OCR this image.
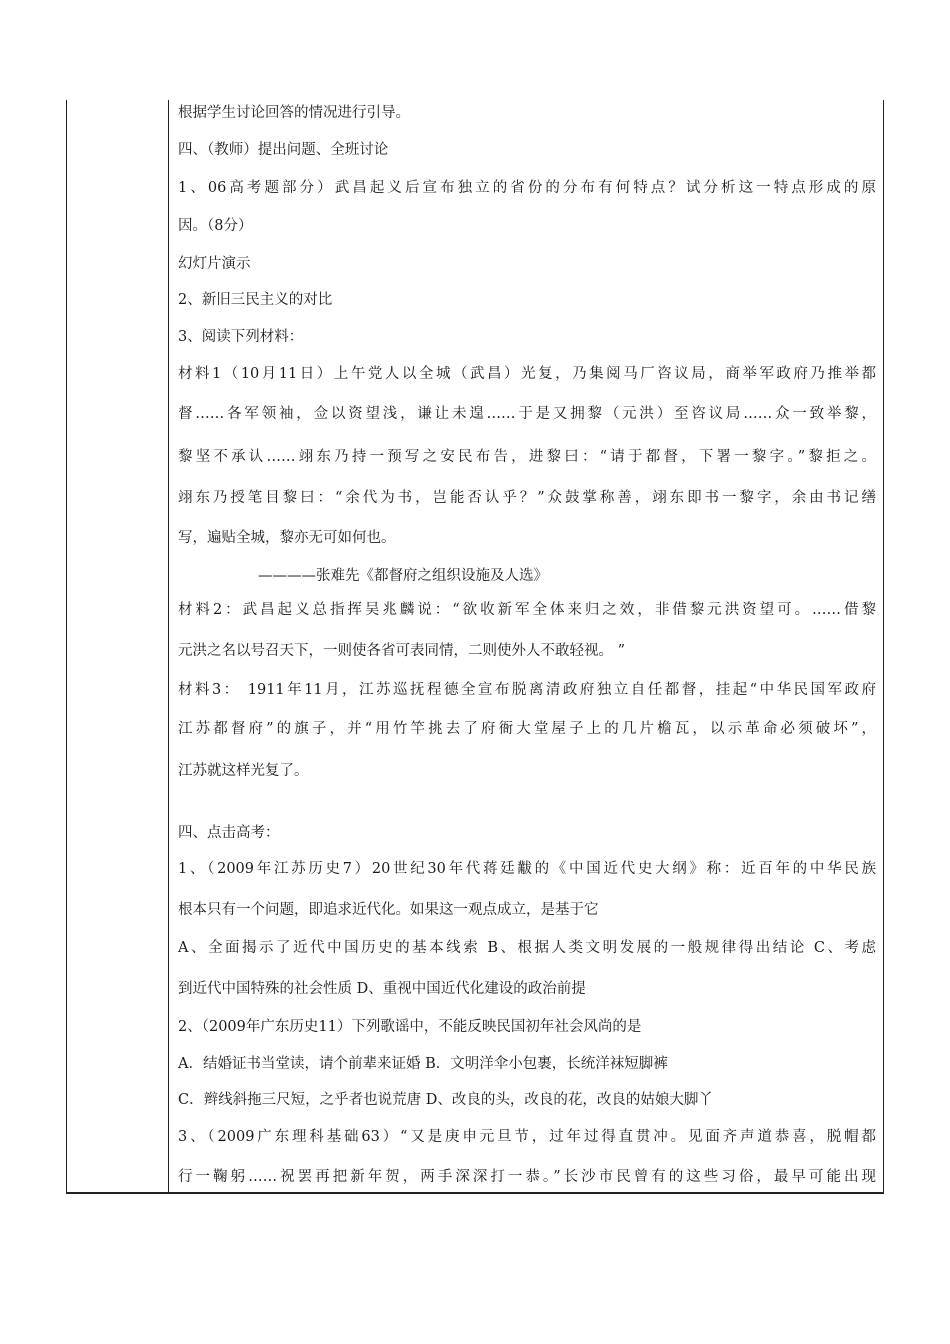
根据学生讨论回答的情况进行引导。
四、（教师）提出问题、全班讨论
1、06高考题部分）武昌起义后宣布独立的省份的分布有何特点？试分析这一特点形成的原
因。（8分）
幻灯片演示
2、新旧三民主义的对比
3、阅读下列材料：
材料1（10月11日）上午党人以全城（武昌）光复，乃集阅马厂咨议局，商举军政府乃推举都
督……各军领袖，佥以资望浅，谦让未遑……于是又拥黎（元洪）至咨议局……众一致举黎，
黎坚不承认……翊东乃持一预写之安民布告，进黎曰：“请于都督，下署一黎字。”黎拒之。
翊东乃授笔目黎曰：“余代为书，岂能否认乎？”众鼓掌称善，翊东即书一黎字，余由书记缮
写，遍贴全城，黎亦无可如何也。
————张难先《都督府之组织设施及人选》
材料2：武昌起义总指挥吴兆麟说：“欲收新军全体来归之效，非借黎元洪资望可。……借黎
元洪之名以号召天下，一则使各省可表同情，二则使外人不敢轻视。 ”
材料3： 1911年11月，江苏巡抚程德全宣布脱离清政府独立自任都督，挂起“中华民国军政府
江苏都督府”的旗子，并“用竹竿挑去了府衙大堂屋子上的几片檐瓦，以示革命必须破坏”，
江苏就这样光复了。
四、点击高考：
1、（2009年江苏历史7）20世纪30年代蒋廷黻的《中国近代史大纲》称：近百年的中华民族
根本只有一个问题，即追求近代化。如果这一观点成立，是基于它
A、全面揭示了近代中国历史的基本线索 B、根据人类文明发展的一般规律得出结论 C、考虑
到近代中国特殊的社会性质 D、重视中国近代化建设的政治前提
2、（2009年广东历史11）下列歌谣中，不能反映民国初年社会风尚的是
A．结婚证书当堂读，请个前辈来证婚 B．文明洋伞小包裹，长统洋袜短脚裤
C．辫线斜拖三尺短，之乎者也说荒唐 D、改良的头，改良的花，改良的姑娘大脚丫
3、（2009广东理科基础63）“又是庚申元旦节，过年过得直贯冲。见面齐声道恭喜，脱帽都
行一鞠躬……祝罢再把新年贺，两手深深打一恭。”长沙市民曾有的这些习俗，最早可能出现
